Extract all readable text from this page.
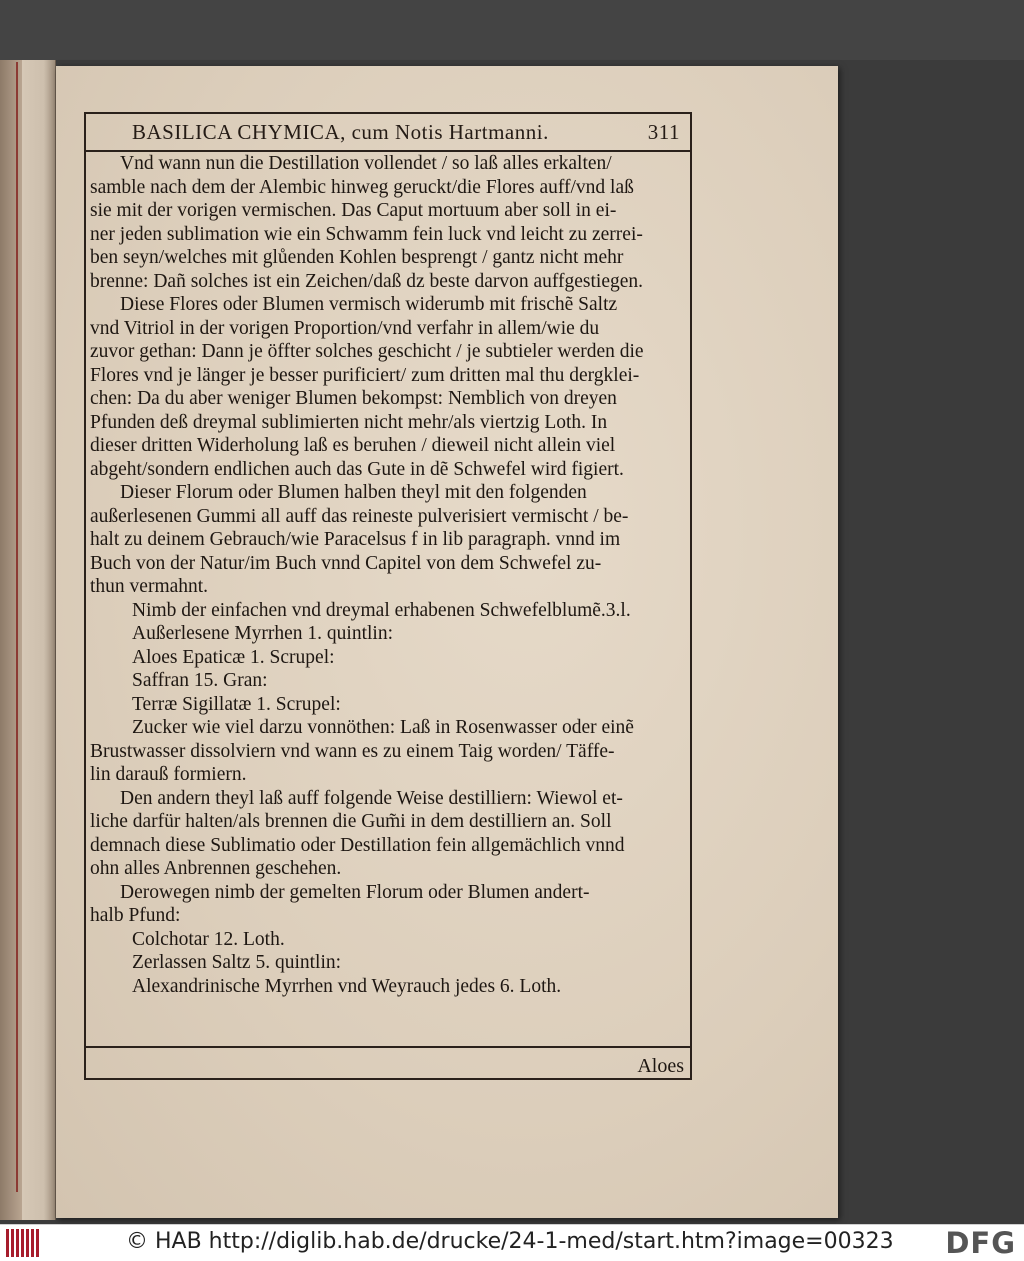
BASILICA CHYMICA, cum Notis Hartmanni.	311
Vnd wann nun die Destillation vollendet / so laß alles erkalten/
samble nach dem der Alembic hinweg geruckt/die Flores auff/vnd laß
sie mit der vorigen vermischen. Das Caput mortuum aber soll in ei-
ner jeden sublimation wie ein Schwamm fein luck vnd leicht zu zerrei-
ben seyn/welches mit glůenden Kohlen besprengt / gantz nicht mehr
brenne: Dañ solches ist ein Zeichen/daß dz beste darvon auffgestiegen.
Diese Flores oder Blumen vermisch widerumb mit frischẽ Saltz
vnd Vitriol in der vorigen Proportion/vnd verfahr in allem/wie du
zuvor gethan: Dann je öffter solches geschicht / je subtieler werden die
Flores vnd je länger je besser purificiert/ zum dritten mal thu dergklei-
chen: Da du aber weniger Blumen bekompst: Nemblich von dreyen
Pfunden deß dreymal sublimierten nicht mehr/als viertzig Loth. In
dieser dritten Widerholung laß es beruhen / dieweil nicht allein viel
abgeht/sondern endlichen auch das Gute in dẽ Schwefel wird figiert.
Dieser Florum oder Blumen halben theyl mit den folgenden
außerlesenen Gummi all auff das reineste pulverisiert vermischt / be-
halt zu deinem Gebrauch/wie Paracelsus f in lib paragraph. vnnd im
Buch von der Natur/im Buch vnnd Capitel von dem Schwefel zu-
thun vermahnt.
Nimb der einfachen vnd dreymal erhabenen Schwefelblumẽ.3.l.
Außerlesene Myrrhen 1. quintlin:
Aloes Epaticæ 1. Scrupel:
Saffran 15. Gran:
Terræ Sigillatæ 1. Scrupel:
Zucker wie viel darzu vonnöthen: Laß in Rosenwasser oder einẽ
Brustwasser dissolviern vnd wann es zu einem Taig worden/ Täffe-
lin darauß formiern.
Den andern theyl laß auff folgende Weise destilliern: Wiewol et-
liche darfür halten/als brennen die Gum̃i in dem destilliern an. Soll
demnach diese Sublimatio oder Destillation fein allgemächlich vnnd
ohn alles Anbrennen geschehen.
Derowegen nimb der gemelten Florum oder Blumen andert-
halb Pfund:
Colchotar 12. Loth.
Zerlassen Saltz 5. quintlin:
Alexandrinische Myrrhen vnd Weyrauch jedes 6. Loth.
Aloes
© HAB http://diglib.hab.de/drucke/24-1-med/start.htm?image=00323 DFG
